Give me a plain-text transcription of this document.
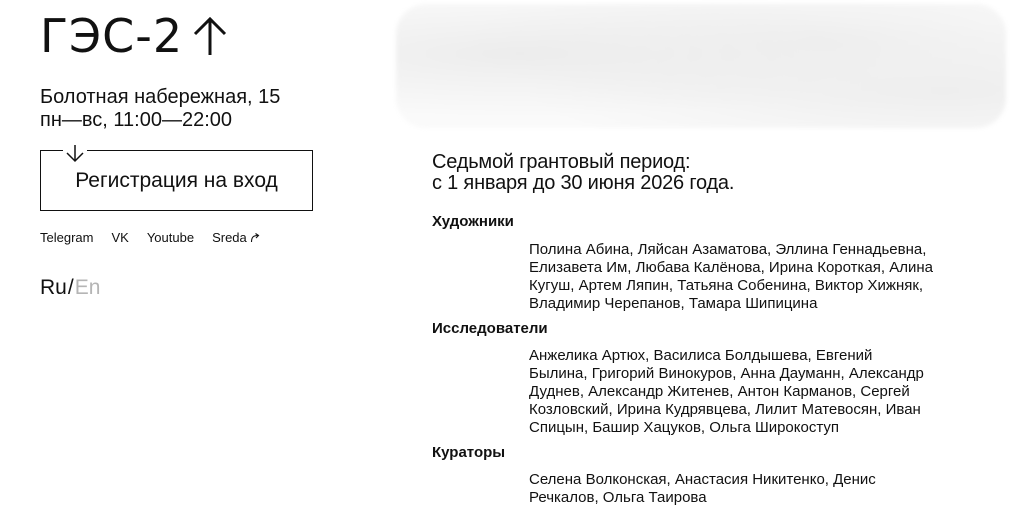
ГЭС-2
Болотная набережная, 15
пн—вс, 11:00—22:00
Регистрация на вход
Telegram VK Youtube Sreda
Ru / En
Седьмой грантовый период:
с 1 января до 30 июня 2026 года.
Художники
Полина Абина, Ляйсан Азаматова, Эллина Геннадьевна,
Елизавета Им, Любава Калёнова, Ирина Короткая, Алина
Кугуш, Артем Ляпин, Татьяна Собенина, Виктор Хижняк,
Владимир Черепанов, Тамара Шипицина
Исследователи
Анжелика Артюх, Василиса Болдышева, Евгений
Былина, Григорий Винокуров, Анна Дауманн, Александр
Дуднев, Александр Житенев, Антон Карманов, Сергей
Козловский, Ирина Кудрявцева, Лилит Матевосян, Иван
Спицын, Башир Хацуков, Ольга Широкоступ
Кураторы
Селена Волконская, Анастасия Никитенко, Денис
Речкалов, Ольга Таирова
